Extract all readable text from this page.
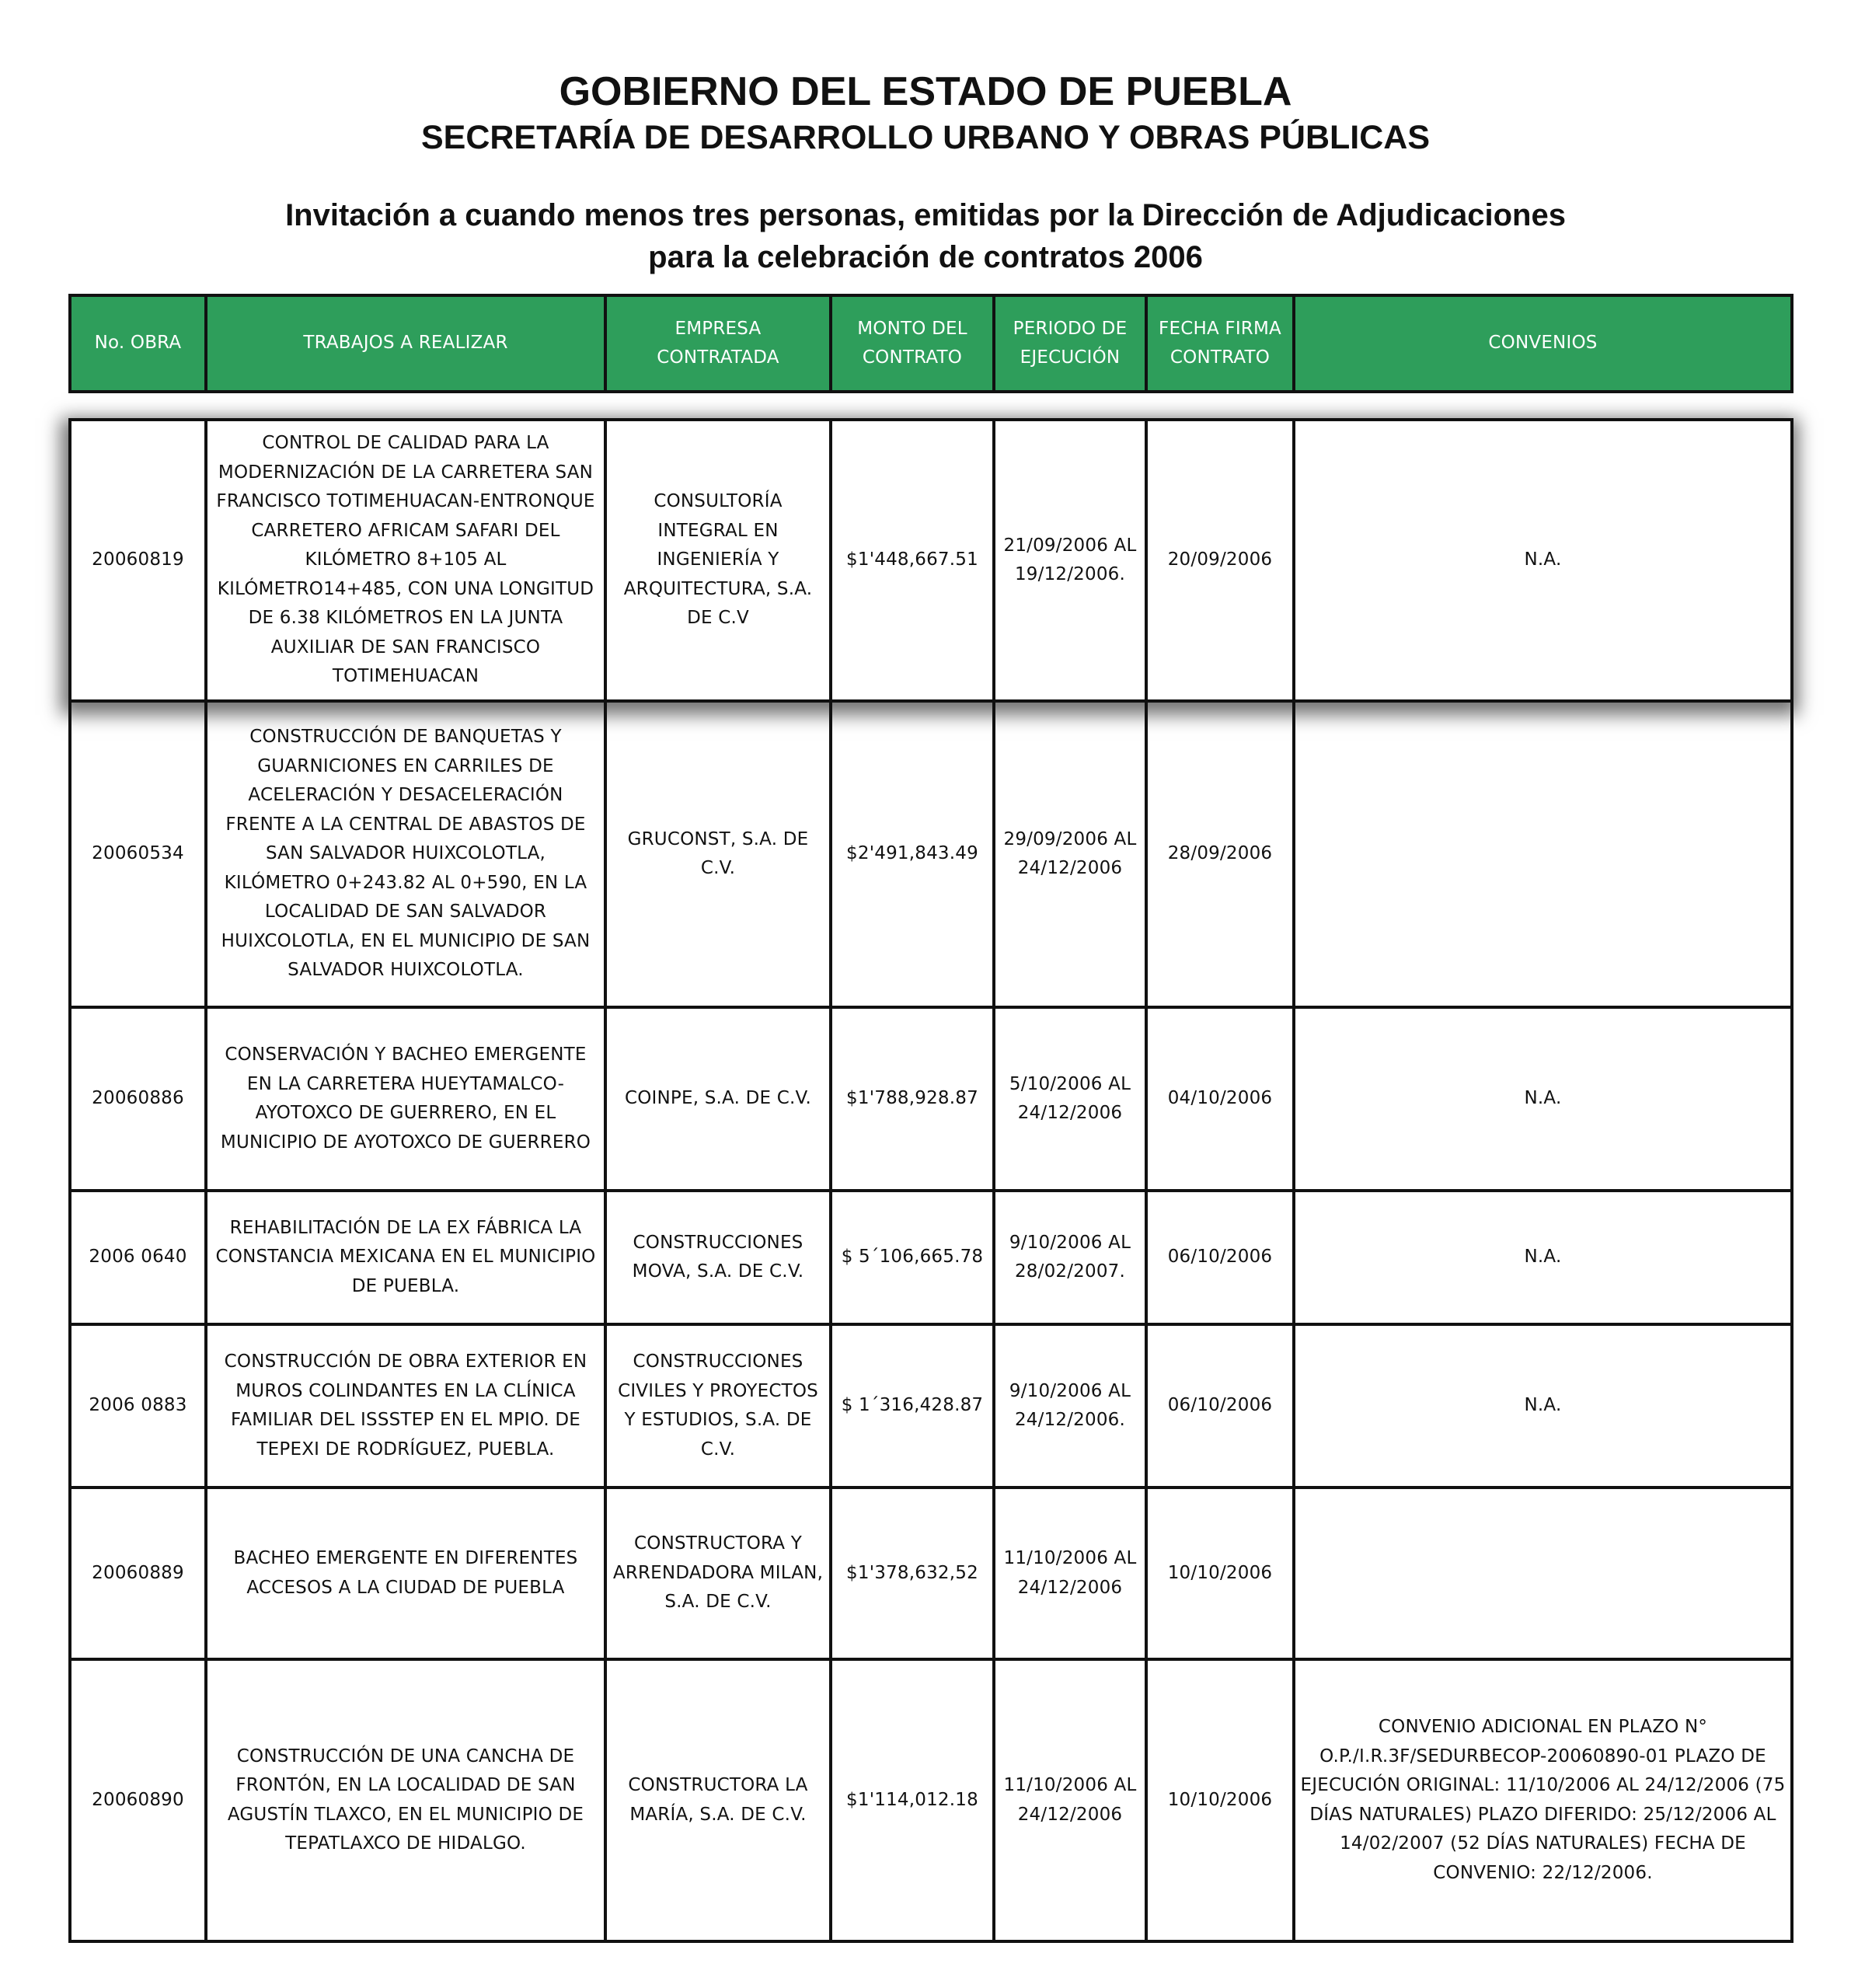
GOBIERNO DEL ESTADO DE PUEBLA
SECRETARÍA DE DESARROLLO URBANO Y OBRAS PÚBLICAS
Invitación a cuando menos tres personas, emitidas por la Dirección de Adjudicaciones
para la celebración de contratos 2006
No. OBRA	TRABAJOS A REALIZAR	EMPRESA CONTRATADA	MONTO DEL CONTRATO	PERIODO DE EJECUCIÓN	FECHA FIRMA CONTRATO	CONVENIOS
20060819	CONTROL DE CALIDAD PARA LA MODERNIZACIÓN DE LA CARRETERA SAN FRANCISCO TOTIMEHUACAN-ENTRONQUE CARRETERO AFRICAM SAFARI DEL KILÓMETRO 8+105 AL KILÓMETRO14+485, CON UNA LONGITUD DE 6.38 KILÓMETROS EN LA JUNTA AUXILIAR DE SAN FRANCISCO TOTIMEHUACAN	CONSULTORÍA INTEGRAL EN INGENIERÍA Y ARQUITECTURA, S.A. DE C.V	$1'448,667.51	21/09/2006 AL 19/12/2006.	20/09/2006	N.A.
20060534	CONSTRUCCIÓN DE BANQUETAS Y GUARNICIONES EN CARRILES DE ACELERACIÓN Y DESACELERACIÓN FRENTE A LA CENTRAL DE ABASTOS DE SAN SALVADOR HUIXCOLOTLA, KILÓMETRO 0+243.82 AL 0+590, EN LA LOCALIDAD DE SAN SALVADOR HUIXCOLOTLA, EN EL MUNICIPIO DE SAN SALVADOR HUIXCOLOTLA.	GRUCONST, S.A. DE C.V.	$2'491,843.49	29/09/2006 AL 24/12/2006	28/09/2006	
20060886	CONSERVACIÓN Y BACHEO EMERGENTE EN LA CARRETERA HUEYTAMALCO-AYOTOXCO DE GUERRERO, EN EL MUNICIPIO DE AYOTOXCO DE GUERRERO	COINPE, S.A. DE C.V.	$1'788,928.87	5/10/2006 AL 24/12/2006	04/10/2006	N.A.
2006 0640	REHABILITACIÓN DE LA EX FÁBRICA LA CONSTANCIA MEXICANA EN EL MUNICIPIO DE PUEBLA.	CONSTRUCCIONES MOVA, S.A. DE C.V.	$ 5´106,665.78	9/10/2006 AL 28/02/2007.	06/10/2006	N.A.
2006 0883	CONSTRUCCIÓN DE OBRA EXTERIOR EN MUROS COLINDANTES EN LA CLÍNICA FAMILIAR DEL ISSSTEP EN EL MPIO. DE TEPEXI DE RODRÍGUEZ, PUEBLA.	CONSTRUCCIONES CIVILES Y PROYECTOS Y ESTUDIOS, S.A. DE C.V.	$ 1´316,428.87	9/10/2006 AL 24/12/2006.	06/10/2006	N.A.
20060889	BACHEO EMERGENTE EN DIFERENTES ACCESOS A LA CIUDAD DE PUEBLA	CONSTRUCTORA Y ARRENDADORA MILAN, S.A. DE C.V.	$1'378,632,52	11/10/2006 AL 24/12/2006	10/10/2006	
20060890	CONSTRUCCIÓN DE UNA CANCHA DE FRONTÓN, EN LA LOCALIDAD DE SAN AGUSTÍN TLAXCO, EN EL MUNICIPIO DE TEPATLAXCO DE HIDALGO.	CONSTRUCTORA LA MARÍA, S.A. DE C.V.	$1'114,012.18	11/10/2006 AL 24/12/2006	10/10/2006	CONVENIO ADICIONAL EN PLAZO N° O.P./I.R.3F/SEDURBECOP-20060890-01 PLAZO DE EJECUCIÓN ORIGINAL: 11/10/2006 AL 24/12/2006 (75 DÍAS NATURALES) PLAZO DIFERIDO: 25/12/2006 AL 14/02/2007 (52 DÍAS NATURALES) FECHA DE CONVENIO: 22/12/2006.
